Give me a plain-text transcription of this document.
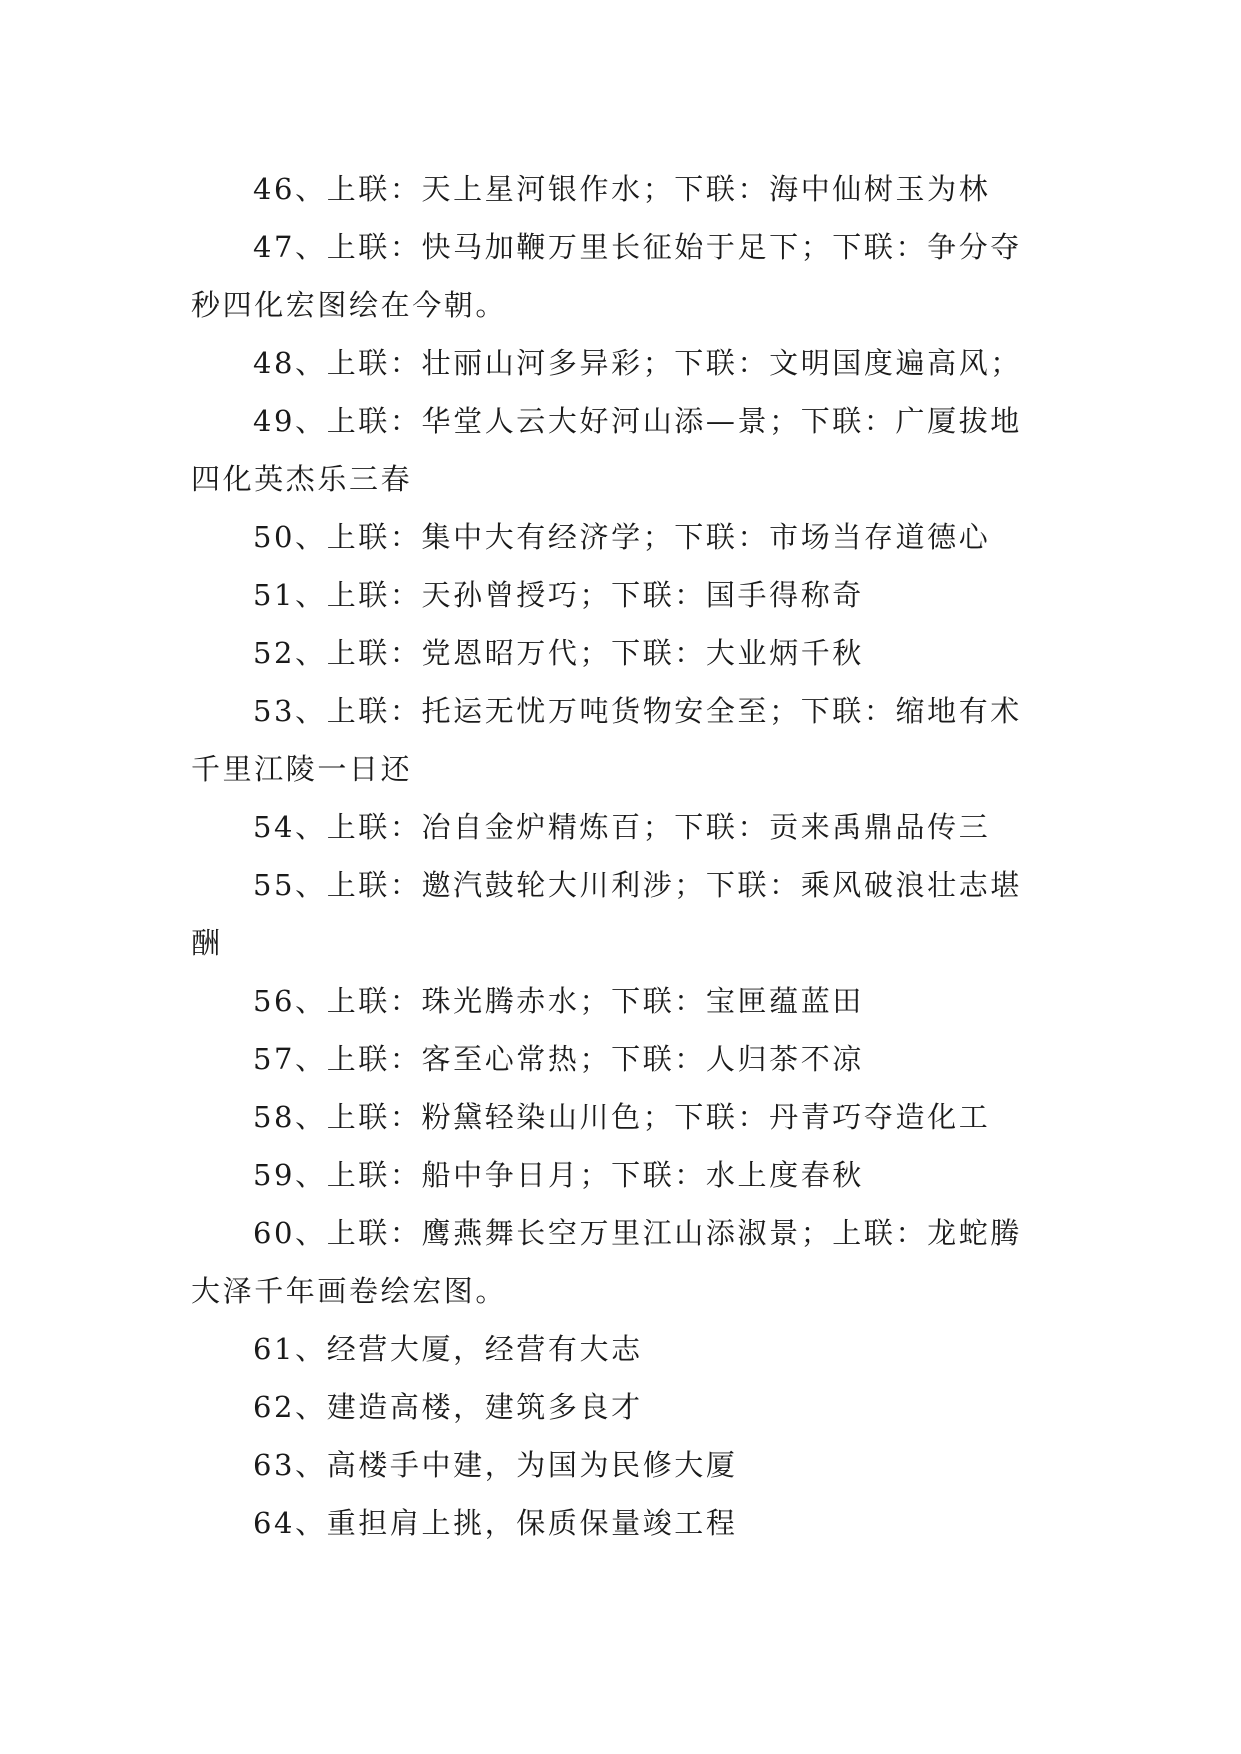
46、上联：天上星河银作水；下联：海中仙树玉为林

47、上联：快马加鞭万里长征始于足下；下联：争分夺秒四化宏图绘在今朝。

48、上联：壮丽山河多异彩；下联：文明国度遍高风；

49、上联：华堂人云大好河山添—景；下联：广厦拔地四化英杰乐三春

50、上联：集中大有经济学；下联：市场当存道德心

51、上联：天孙曾授巧；下联：国手得称奇

52、上联：党恩昭万代；下联：大业炳千秋

53、上联：托运无忧万吨货物安全至；下联：缩地有术千里江陵一日还

54、上联：冶自金炉精炼百；下联：贡来禹鼎品传三

55、上联：邀汽鼓轮大川利涉；下联：乘风破浪壮志堪酬

56、上联：珠光腾赤水；下联：宝匣蕴蓝田

57、上联：客至心常热；下联：人归茶不凉

58、上联：粉黛轻染山川色；下联：丹青巧夺造化工

59、上联：船中争日月；下联：水上度春秋

60、上联：鹰燕舞长空万里江山添淑景；上联：龙蛇腾大泽千年画卷绘宏图。

61、经营大厦，经营有大志

62、建造高楼，建筑多良才

63、高楼手中建，为国为民修大厦

64、重担肩上挑，保质保量竣工程
